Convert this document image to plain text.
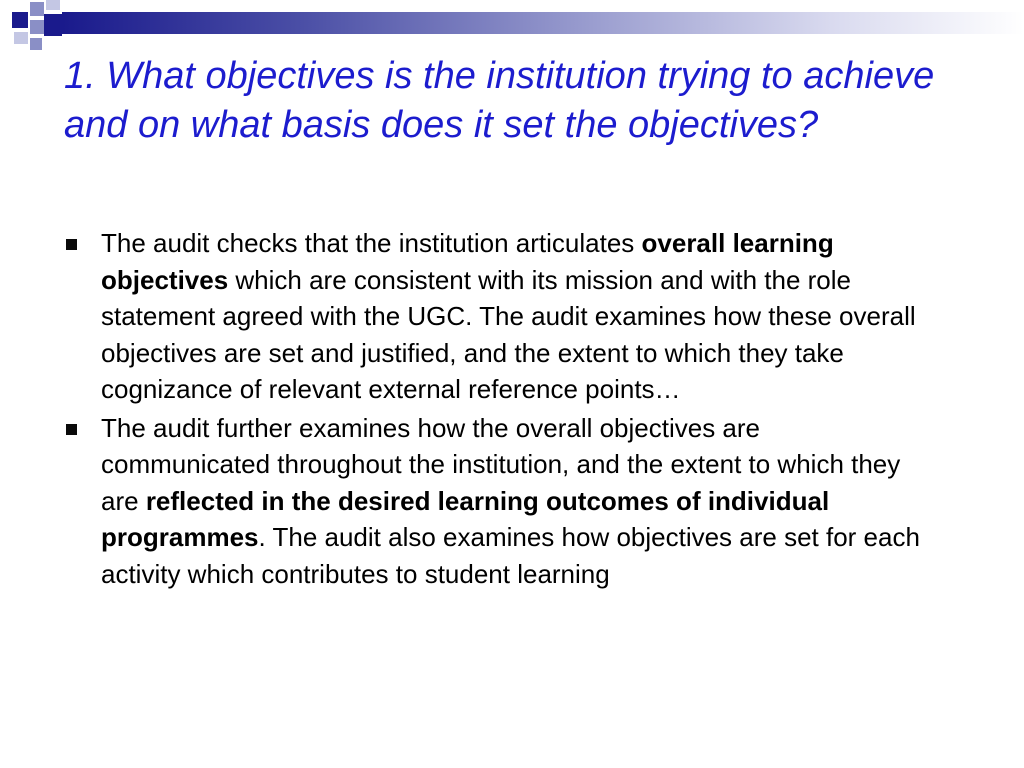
1. What objectives is the institution trying to achieve and on what basis does it set the objectives?
The audit checks that the institution articulates overall learning objectives which are consistent with its mission and with the role statement agreed with the UGC. The audit examines how these overall objectives are set and justified, and the extent to which they take cognizance of relevant external reference points…
The audit further examines how the overall objectives are communicated throughout the institution, and the extent to which they are reflected in the desired learning outcomes of individual programmes. The audit also examines how objectives are set for each activity which contributes to student learning
